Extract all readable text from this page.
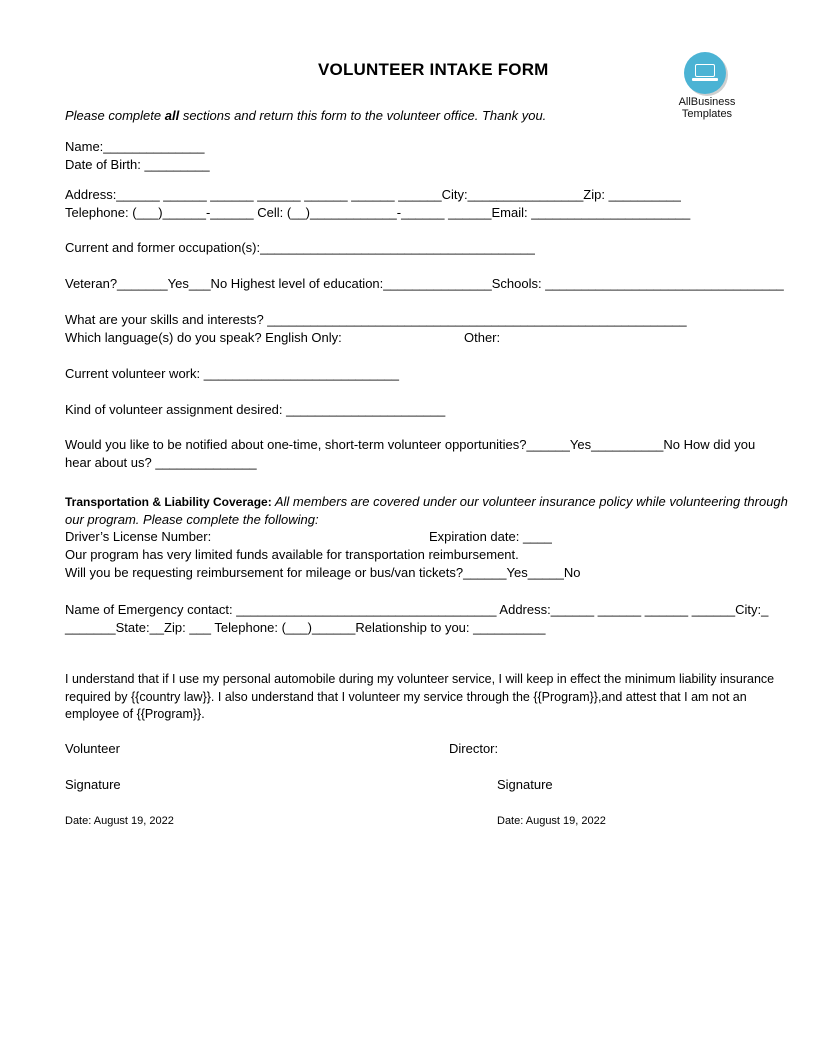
VOLUNTEER INTAKE FORM
AllBusiness
Templates
Please complete all sections and return this form to the volunteer office. Thank you.
Name:______________
Date of Birth: _________
Address:______ ______ ______ ______ ______ ______ ______City:________________Zip: __________
Telephone: (___)______-______ Cell: (__)____________-______ ______Email: ______________________
Current and former occupation(s):______________________________________
Veteran?_______Yes___No Highest level of education:_______________Schools: _________________________________
What are your skills and interests? __________________________________________________________
Which language(s) do you speak? English Only:	Other:
Current volunteer work: ___________________________
Kind of volunteer assignment desired: ______________________
Would you like to be notified about one-time, short-term volunteer opportunities?______Yes__________No How did you
hear about us? ______________
Transportation & Liability Coverage: All members are covered under our volunteer insurance policy while volunteering through
our program. Please complete the following:
Driver’s License Number:	Expiration date: ____
Our program has very limited funds available for transportation reimbursement.
Will you be requesting reimbursement for mileage or bus/van tickets?______Yes_____No
Name of Emergency contact: ____________________________________ Address:______ ______ ______ ______City:_
_______State:__Zip: ___ Telephone: (___)______Relationship to you: __________
I understand that if I use my personal automobile during my volunteer service, I will keep in effect the minimum liability insurance
required by {{country law}}. I also understand that I volunteer my service through the {{Program}},and attest that I am not an
employee of {{Program}}.
Volunteer	Director:
Signature	Signature
Date: August 19, 2022	Date: August 19, 2022
